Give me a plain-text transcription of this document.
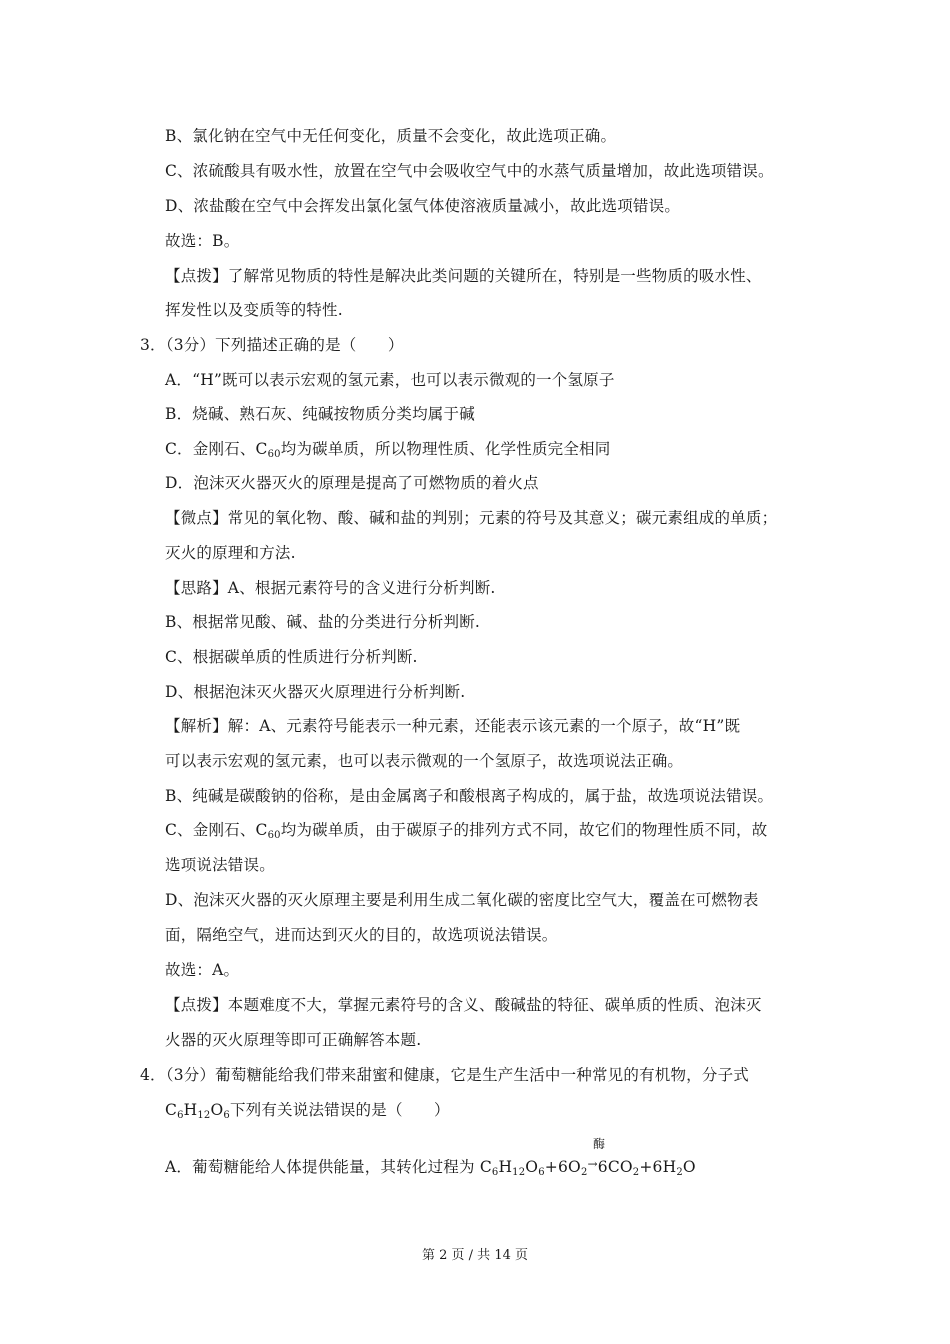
B、氯化钠在空气中无任何变化，质量不会变化，故此选项正确。
C、浓硫酸具有吸水性，放置在空气中会吸收空气中的水蒸气质量增加，故此选项错误。
D、浓盐酸在空气中会挥发出氯化氢气体使溶液质量减小，故此选项错误。
故选：B。
【点拨】了解常见物质的特性是解决此类问题的关键所在，特别是一些物质的吸水性、
挥发性以及变质等的特性.
3．（3分）下列描述正确的是（　　）
A．“H”既可以表示宏观的氢元素，也可以表示微观的一个氢原子
B．烧碱、熟石灰、纯碱按物质分类均属于碱
C．金刚石、$C_{60}$均为碳单质，所以物理性质、化学性质完全相同
D．泡沫灭火器灭火的原理是提高了可燃物质的着火点
【微点】常见的氧化物、酸、碱和盐的判别；元素的符号及其意义；碳元素组成的单质；
灭火的原理和方法.
【思路】A、根据元素符号的含义进行分析判断.
B、根据常见酸、碱、盐的分类进行分析判断.
C、根据碳单质的性质进行分析判断.
D、根据泡沫灭火器灭火原理进行分析判断.
【解析】解：A、元素符号能表示一种元素，还能表示该元素的一个原子，故“H”既
可以表示宏观的氢元素，也可以表示微观的一个氢原子，故选项说法正确。
B、纯碱是碳酸钠的俗称，是由金属离子和酸根离子构成的，属于盐，故选项说法错误。
C、金刚石、$C_{60}$均为碳单质，由于碳原子的排列方式不同，故它们的物理性质不同，故
选项说法错误。
D、泡沫灭火器的灭火原理主要是利用生成二氧化碳的密度比空气大，覆盖在可燃物表
面，隔绝空气，进而达到灭火的目的，故选项说法错误。
故选：A。
【点拨】本题难度不大，掌握元素符号的含义、酸碱盐的特征、碳单质的性质、泡沫灭
火器的灭火原理等即可正确解答本题.
4．（3分）葡萄糖能给我们带来甜蜜和健康，它是生产生活中一种常见的有机物，分子式
$C_6H_{12}O_6$下列有关说法错误的是（　　）
酶
A．葡萄糖能给人体提供能量，其转化过程为 $C_6H_{12}O_6+6O_2^\to 6CO_2+6H_2O$
第 2 页 / 共 14 页
